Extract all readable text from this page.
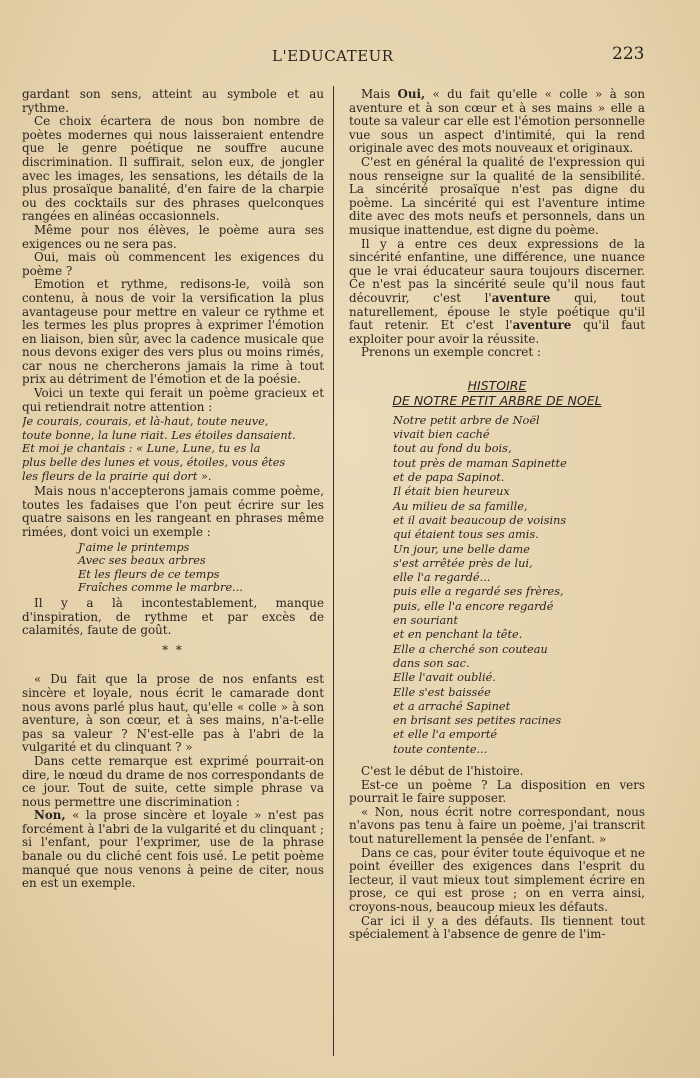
L'EDUCATEUR	223

gardant son sens, atteint au symbole et au rythme.

Ce choix écartera de nous bon nombre de poètes modernes qui nous laisseraient entendre que le genre poétique ne souffre aucune discrimination. Il suffirait, selon eux, de jongler avec les images, les sensations, les détails de la plus prosaïque banalité, d'en faire de la charpie ou des cocktails sur des phrases quelconques rangées en alinéas occasionnels.

Même pour nos élèves, le poème aura ses exigences ou ne sera pas.

Oui, mais où commencent les exigences du poème ?

Emotion et rythme, redisons-le, voilà son contenu, à nous de voir la versification la plus avantageuse pour mettre en valeur ce rythme et les termes les plus propres à exprimer l'émotion en liaison, bien sûr, avec la cadence musicale que nous devons exiger des vers plus ou moins rimés, car nous ne chercherons jamais la rime à tout prix au détriment de l'émotion et de la poésie.

Voici un texte qui ferait un poème gracieux et qui retiendrait notre attention :

Je courais, courais, et là-haut, toute neuve,
toute bonne, la lune riait. Les étoiles dansaient.
Et moi je chantais : « Lune, Lune, tu es la
plus belle des lunes et vous, étoiles, vous êtes
les fleurs de la prairie qui dort ».

Mais nous n'accepterons jamais comme poème, toutes les fadaises que l'on peut écrire sur les quatre saisons en les rangeant en phrases même rimées, dont voici un exemple :

J'aime le printemps
Avec ses beaux arbres
Et les fleurs de ce temps
Fraîches comme le marbre...

Il y a là incontestablement, manque d'inspiration, de rythme et par excès de calamités, faute de goût.

* *

« Du fait que la prose de nos enfants est sincère et loyale, nous écrit le camarade dont nous avons parlé plus haut, qu'elle « colle » à son aventure, à son cœur, et à ses mains, n'a-t-elle pas sa valeur ? N'est-elle pas à l'abri de la vulgarité et du clinquant ? »

Dans cette remarque est exprimé pourrait-on dire, le nœud du drame de nos correspondants de ce jour. Tout de suite, cette simple phrase va nous permettre une discrimination :

Non, « la prose sincère et loyale » n'est pas forcément à l'abri de la vulgarité et du clinquant ; si l'enfant, pour l'exprimer, use de la phrase banale ou du cliché cent fois usé. Le petit poème manqué que nous venons à peine de citer, nous en est un exemple.

Mais Oui, « du fait qu'elle « colle » à son aventure et à son cœur et à ses mains » elle a toute sa valeur car elle est l'émotion personnelle vue sous un aspect d'intimité, qui la rend originale avec des mots nouveaux et originaux.

C'est en général la qualité de l'expression qui nous renseigne sur la qualité de la sensibilité. La sincérité prosaïque n'est pas digne du poème. La sincérité qui est l'aventure intime dite avec des mots neufs et personnels, dans un musique inattendue, est digne du poème.

Il y a entre ces deux expressions de la sincérité enfantine, une différence, une nuance que le vrai éducateur saura toujours discerner. Ce n'est pas la sincérité seule qu'il nous faut découvrir, c'est l'aventure qui, tout naturellement, épouse le style poétique qu'il faut retenir. Et c'est l'aventure qu'il faut exploiter pour avoir la réussite.

Prenons un exemple concret :

HISTOIRE
DE NOTRE PETIT ARBRE DE NOEL
Notre petit arbre de Noël
vivait bien caché
tout au fond du bois,
tout près de maman Sapinette
et de papa Sapinot.
Il était bien heureux
Au milieu de sa famille,
et il avait beaucoup de voisins
qui étaient tous ses amis.
Un jour, une belle dame
s'est arrêtée près de lui,
elle l'a regardé...
puis elle a regardé ses frères,
puis, elle l'a encore regardé
en souriant
et en penchant la tête.
Elle a cherché son couteau
dans son sac.
Elle l'avait oublié.
Elle s'est baissée
et a arraché Sapinet
en brisant ses petites racines
et elle l'a emporté
toute contente...

C'est le début de l'histoire.

Est-ce un poème ? La disposition en vers pourrait le faire supposer.

« Non, nous écrit notre correspondant, nous n'avons pas tenu à faire un poème, j'ai transcrit tout naturellement la pensée de l'enfant. »

Dans ce cas, pour éviter toute équivoque et ne point éveiller des exigences dans l'esprit du lecteur, il vaut mieux tout simplement écrire en prose, ce qui est prose ; on en verra ainsi, croyons-nous, beaucoup mieux les défauts.

Car ici il y a des défauts. Ils tiennent tout spécialement à l'absence de genre de l'im-
